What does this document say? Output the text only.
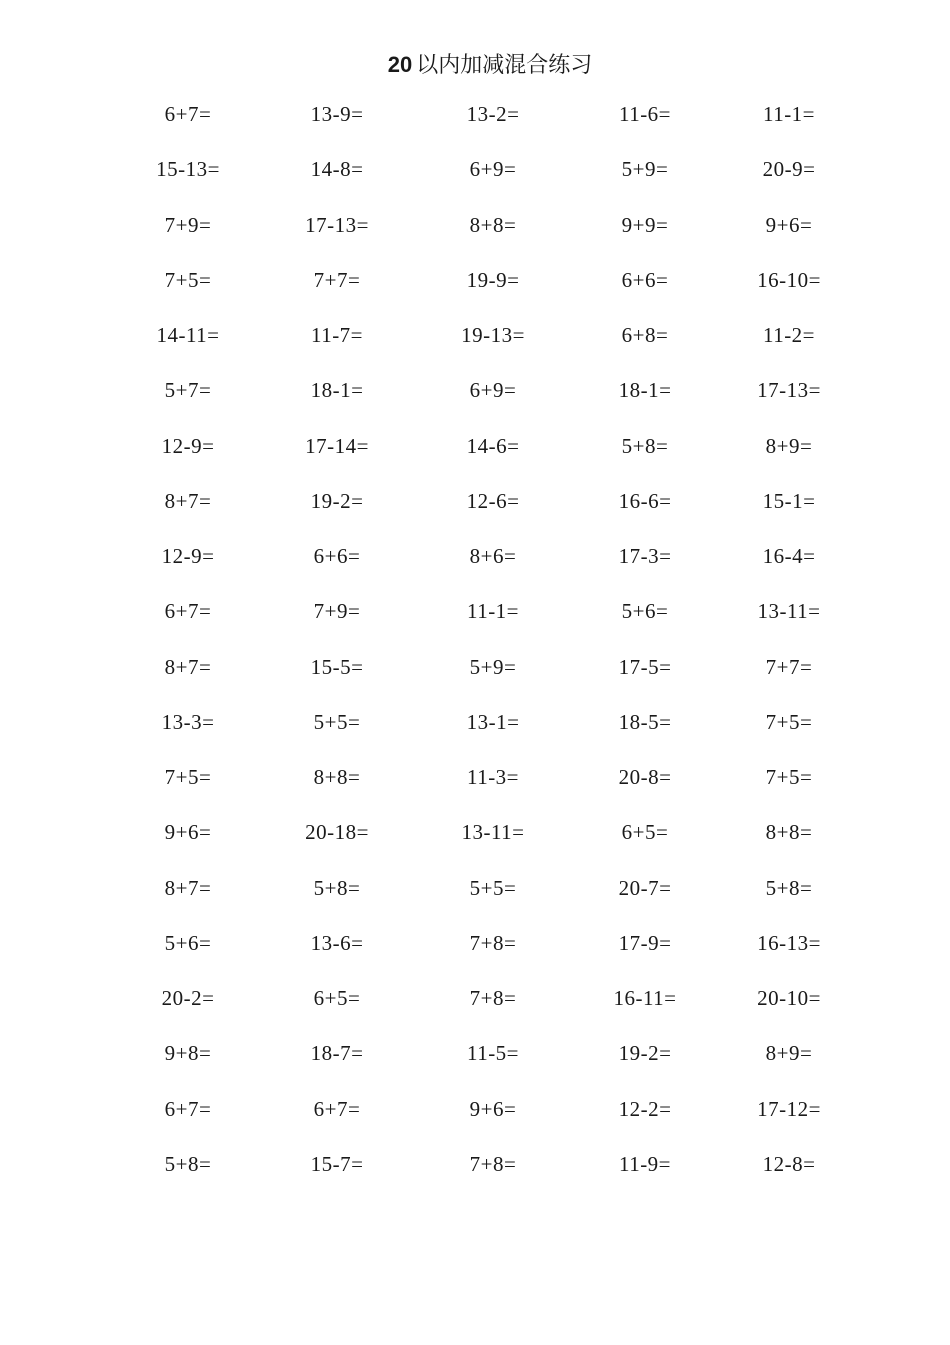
20 以内加减混合练习
6+7=	13-9=	13-2=	11-6=	11-1=
15-13=	14-8=	6+9=	5+9=	20-9=
7+9=	17-13=	8+8=	9+9=	9+6=
7+5=	7+7=	19-9=	6+6=	16-10=
14-11=	11-7=	19-13=	6+8=	11-2=
5+7=	18-1=	6+9=	18-1=	17-13=
12-9=	17-14=	14-6=	5+8=	8+9=
8+7=	19-2=	12-6=	16-6=	15-1=
12-9=	6+6=	8+6=	17-3=	16-4=
6+7=	7+9=	11-1=	5+6=	13-11=
8+7=	15-5=	5+9=	17-5=	7+7=
13-3=	5+5=	13-1=	18-5=	7+5=
7+5=	8+8=	11-3=	20-8=	7+5=
9+6=	20-18=	13-11=	6+5=	8+8=
8+7=	5+8=	5+5=	20-7=	5+8=
5+6=	13-6=	7+8=	17-9=	16-13=
20-2=	6+5=	7+8=	16-11=	20-10=
9+8=	18-7=	11-5=	19-2=	8+9=
6+7=	6+7=	9+6=	12-2=	17-12=
5+8=	15-7=	7+8=	11-9=	12-8=
